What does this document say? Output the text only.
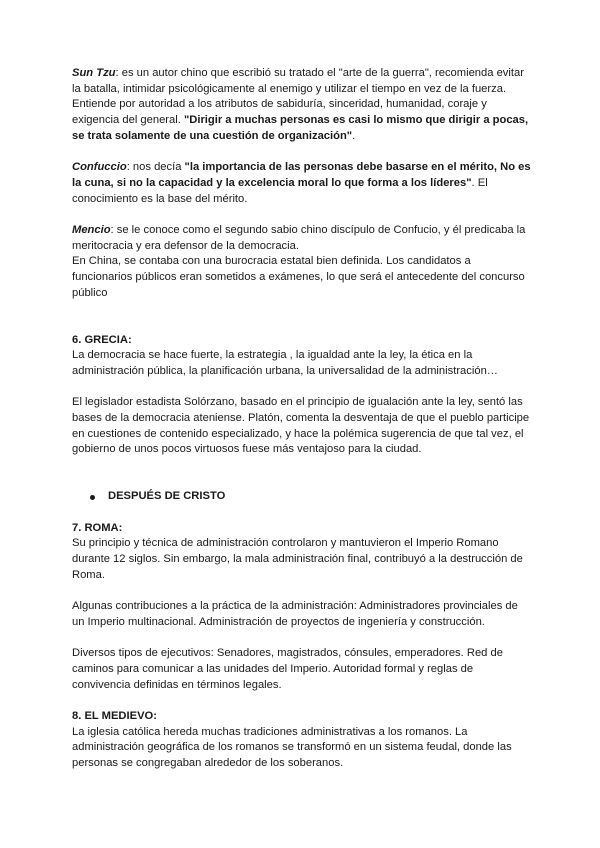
Sun Tzu: es un autor chino que escribió su tratado el "arte de la guerra", recomienda evitar la batalla, intimidar psicológicamente al enemigo y utilizar el tiempo en vez de la fuerza. Entiende por autoridad a los atributos de sabiduría, sinceridad, humanidad, coraje y exigencia del general. "Dirigir a muchas personas es casi lo mismo que dirigir a pocas, se trata solamente de una cuestión de organización".

Confuccio: nos decía "la importancia de las personas debe basarse en el mérito, No es la cuna, si no la capacidad y la excelencia moral lo que forma a los líderes". El conocimiento es la base del mérito.

Mencio: se le conoce como el segundo sabio chino discípulo de Confucio, y él predicaba la meritocracia y era defensor de la democracia.

En China, se contaba con una burocracia estatal bien definida. Los candidatos a funcionarios públicos eran sometidos a exámenes, lo que será el antecedente del concurso público

6. GRECIA:

La democracia se hace fuerte, la estrategia , la igualdad ante la ley, la ética en la administración pública, la planificación urbana, la universalidad de la administración…

El legislador estadista Solórzano, basado en el principio de igualación ante la ley, sentó las bases de la democracia ateniense. Platón, comenta la desventaja de que el pueblo participe en cuestiones de contenido especializado, y hace la polémica sugerencia de que tal vez, el gobierno de unos pocos virtuosos fuese más ventajoso para la ciudad.

DESPUÉS DE CRISTO

7. ROMA:

Su principio y técnica de administración controlaron y mantuvieron el Imperio Romano durante 12 siglos. Sin embargo, la mala administración final, contribuyó a la destrucción de Roma.

Algunas contribuciones a la práctica de la administración: Administradores provinciales de un Imperio multinacional. Administración de proyectos de ingeniería y construcción.

Diversos tipos de ejecutivos: Senadores, magistrados, cónsules, emperadores. Red de caminos para comunicar a las unidades del Imperio. Autoridad formal y reglas de convivencia definidas en términos legales.

8. EL MEDIEVO:

La iglesia católica hereda muchas tradiciones administrativas a los romanos. La administración geográfica de los romanos se transformó en un sistema feudal, donde las personas se congregaban alrededor de los soberanos.
